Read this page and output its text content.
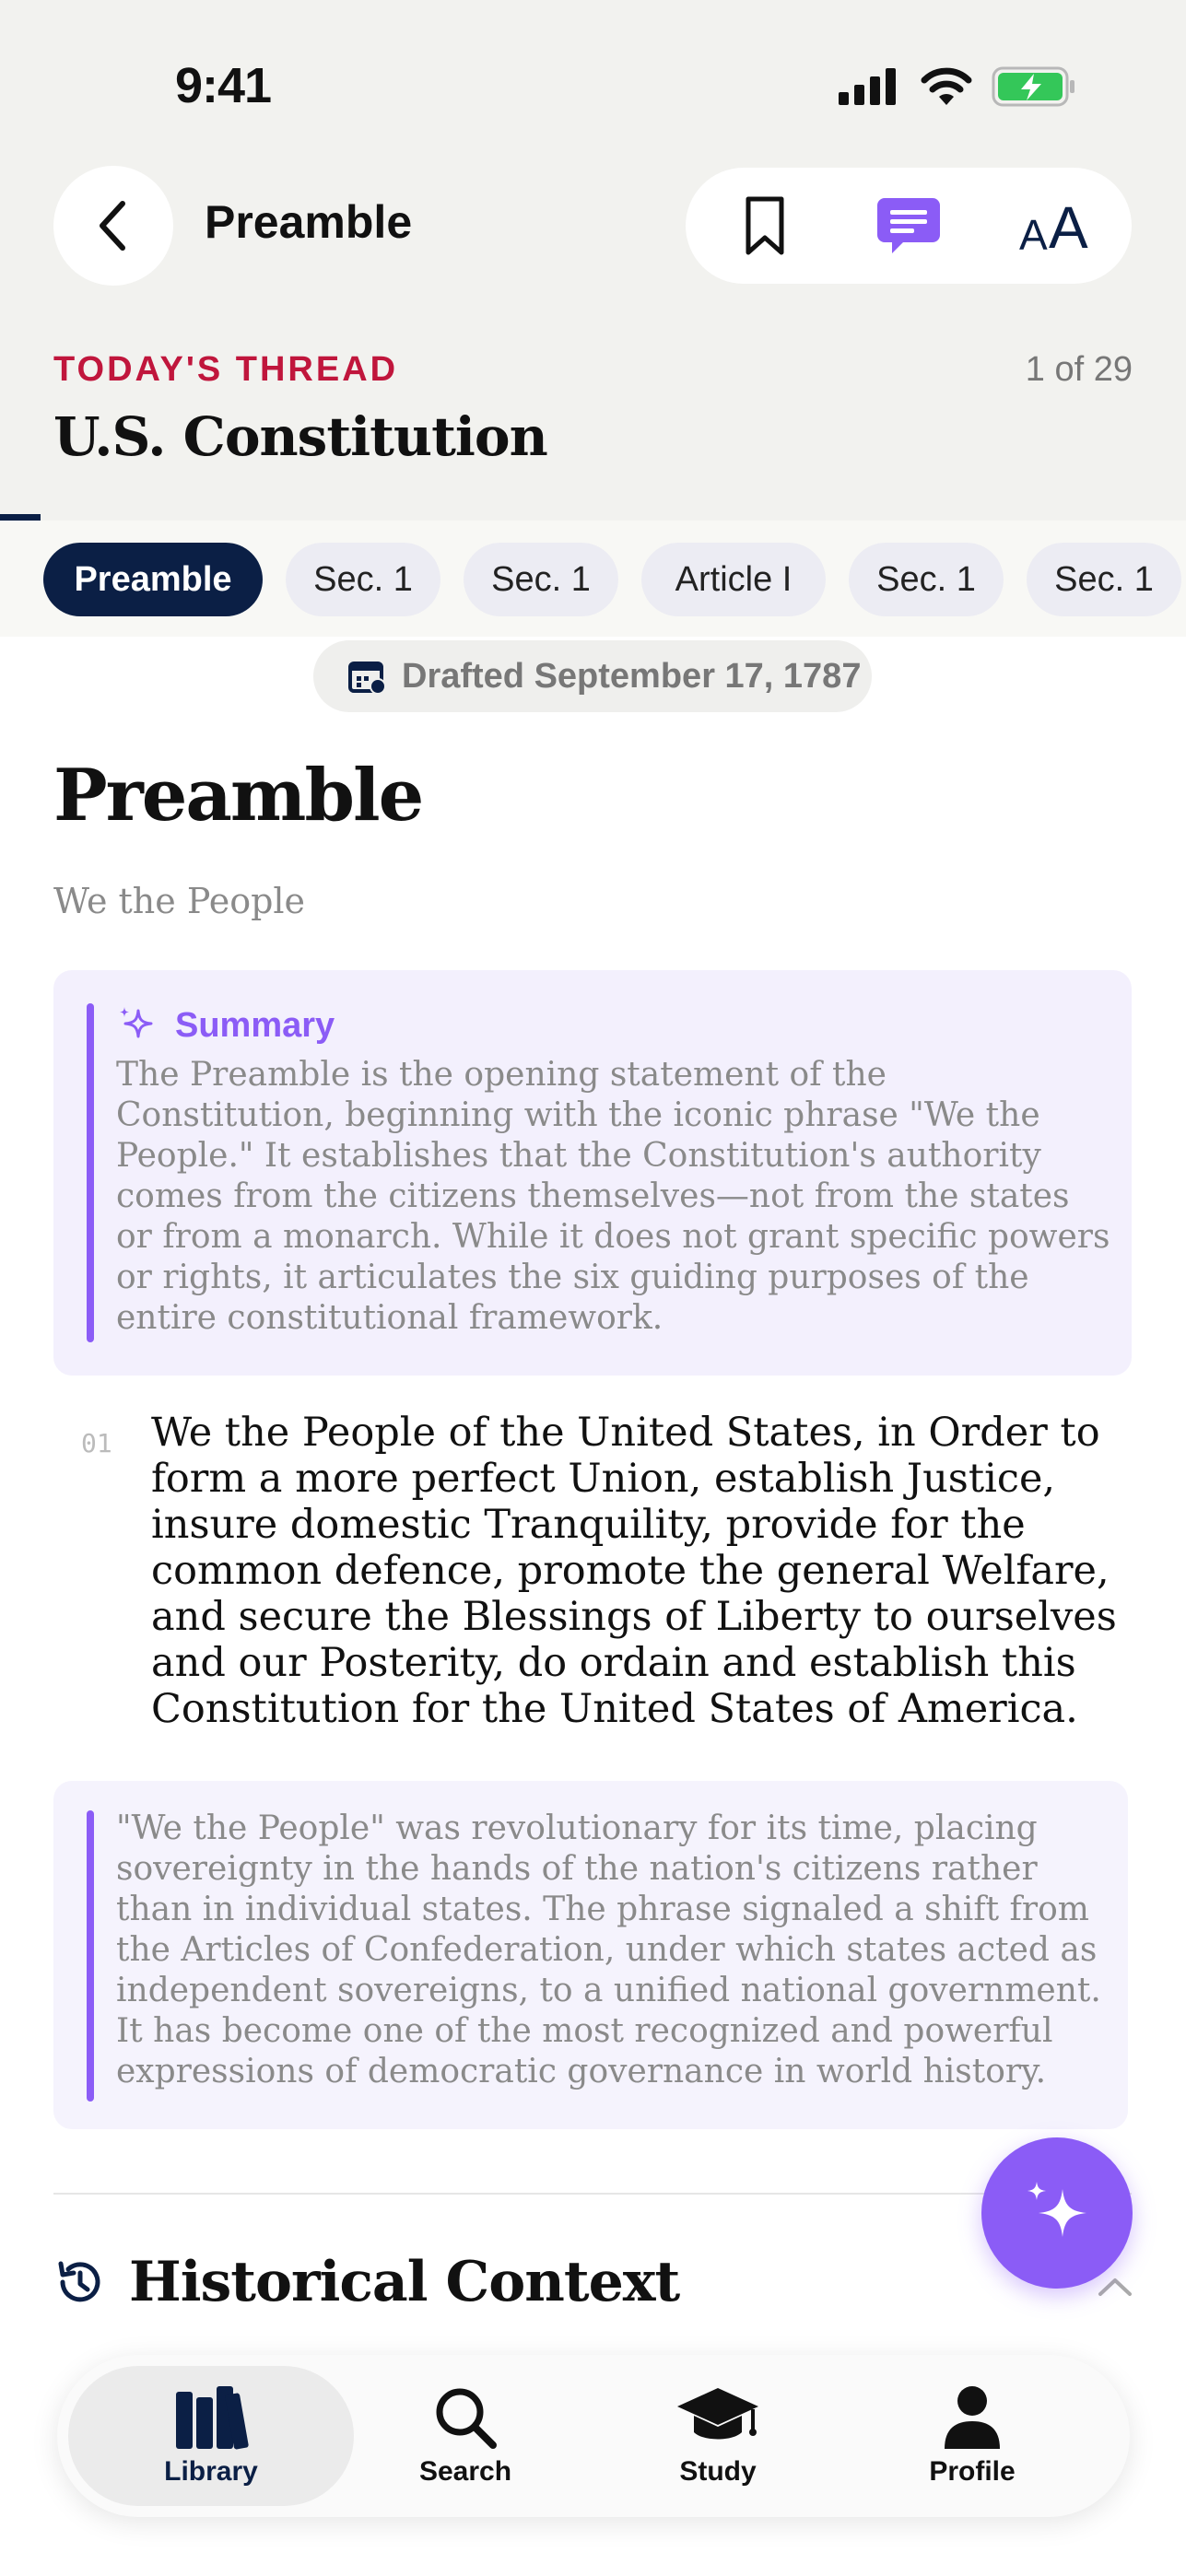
9:41
Preamble	A A
TODAY'S THREAD	1 of 29
U.S. Constitution
Preamble	Sec. 1	Sec. 1	Article I	Sec. 1	Sec. 1
Drafted September 17, 1787
Preamble
We the People
Summary
The Preamble is the opening statement of the Constitution, beginning with the iconic phrase "We the People." It establishes that the Constitution's authority comes from the citizens themselves—not from the states or from a monarch. While it does not grant specific powers or rights, it articulates the six guiding purposes of the entire constitutional framework.
01 We the People of the United States, in Order to form a more perfect Union, establish Justice, insure domestic Tranquility, provide for the common defence, promote the general Welfare, and secure the Blessings of Liberty to ourselves and our Posterity, do ordain and establish this Constitution for the United States of America.
"We the People" was revolutionary for its time, placing sovereignty in the hands of the nation's citizens rather than in individual states. The phrase signaled a shift from the Articles of Confederation, under which states acted as independent sovereigns, to a unified national government. It has become one of the most recognized and powerful expressions of democratic governance in world history.
Historical Context
Library	Search	Study	Profile
